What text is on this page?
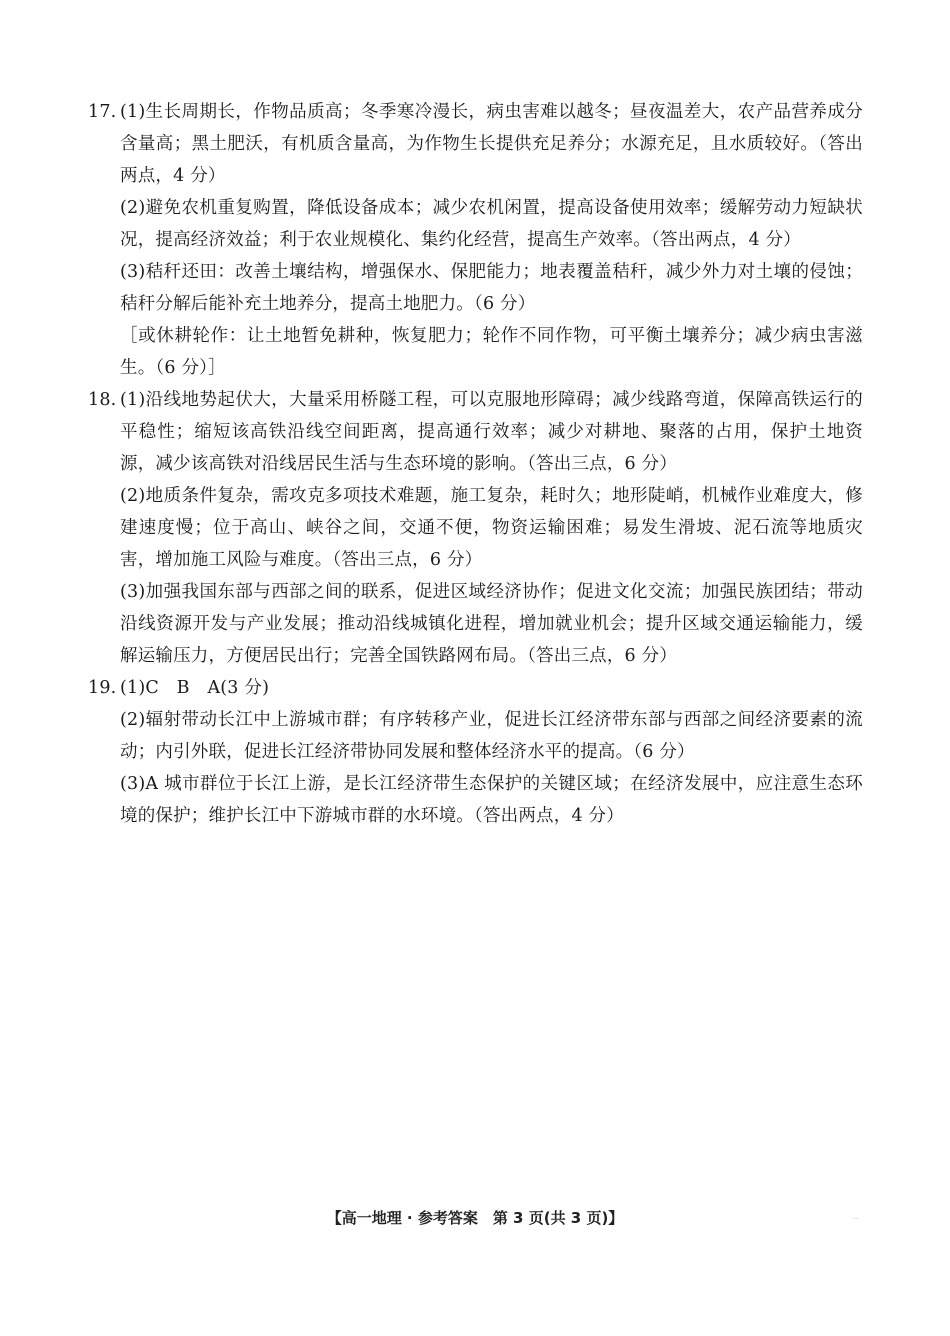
17. (1)生长周期长，作物品质高；冬季寒冷漫长，病虫害难以越冬；昼夜温差大，农产品营养成分含量高；黑土肥沃，有机质含量高，为作物生长提供充足养分；水源充足，且水质较好。（答出两点，4 分）

(2)避免农机重复购置，降低设备成本；减少农机闲置，提高设备使用效率；缓解劳动力短缺状况，提高经济效益；利于农业规模化、集约化经营，提高生产效率。（答出两点，4 分）

(3)秸秆还田：改善土壤结构，增强保水、保肥能力；地表覆盖秸秆，减少外力对土壤的侵蚀；秸秆分解后能补充土地养分，提高土地肥力。（6 分）

［或休耕轮作：让土地暂免耕种，恢复肥力；轮作不同作物，可平衡土壤养分；减少病虫害滋生。（6 分）］

18. (1)沿线地势起伏大，大量采用桥隧工程，可以克服地形障碍；减少线路弯道，保障高铁运行的平稳性；缩短该高铁沿线空间距离，提高通行效率；减少对耕地、聚落的占用，保护土地资源，减少该高铁对沿线居民生活与生态环境的影响。（答出三点，6 分）

(2)地质条件复杂，需攻克多项技术难题，施工复杂，耗时久；地形陡峭，机械作业难度大，修建速度慢；位于高山、峡谷之间，交通不便，物资运输困难；易发生滑坡、泥石流等地质灾害，增加施工风险与难度。（答出三点，6 分）

(3)加强我国东部与西部之间的联系，促进区域经济协作；促进文化交流；加强民族团结；带动沿线资源开发与产业发展；推动沿线城镇化进程，增加就业机会；提升区域交通运输能力，缓解运输压力，方便居民出行；完善全国铁路网布局。（答出三点，6 分）

19. (1)C　B　A(3 分)

(2)辐射带动长江中上游城市群；有序转移产业，促进长江经济带东部与西部之间经济要素的流动；内引外联，促进长江经济带协同发展和整体经济水平的提高。（6 分）

(3)A 城市群位于长江上游，是长江经济带生态保护的关键区域；在经济发展中，应注意生态环境的保护；维护长江中下游城市群的水环境。（答出两点，4 分）

【高一地理 · 参考答案　第 3 页(共 3 页)】	‥
